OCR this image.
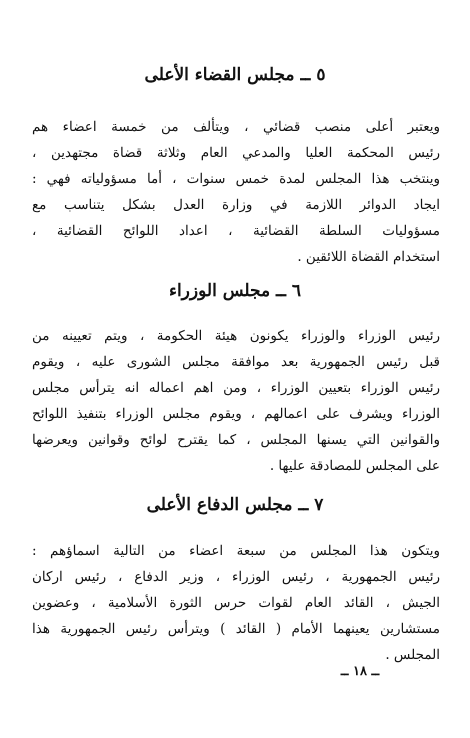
٥ ــ مجلس القضاء الأعلى
ويعتبر أعلى منصب قضائي ، ويتألف من خمسة اعضاء هم
رئيس المحكمة العليا والمدعي العام وثلاثة قضاة مجتهدين ،
وينتخب هذا المجلس لمدة خمس سنوات ، أما مسؤولياته فهي :
ايجاد الدوائر اللازمة في وزارة العدل بشكل يتناسب مع
مسؤوليات السلطة القضائية ، اعداد اللوائح القضائية ،
استخدام القضاة اللائقين .
٦ ــ مجلس الوزراء
رئيس الوزراء والوزراء يكونون هيئة الحكومة ، ويتم تعيينه من
قبل رئيس الجمهورية بعد موافقة مجلس الشورى عليه ، ويقوم
رئيس الوزراء بتعيين الوزراء ، ومن اهم اعماله انه يترأس مجلس
الوزراء ويشرف على اعمالهم ، ويقوم مجلس الوزراء بتنفيذ اللوائح
والقوانين التي يسنها المجلس ، كما يقترح لوائح وقوانين ويعرضها
على المجلس للمصادقة عليها .
٧ ــ مجلس الدفاع الأعلى
ويتكون هذا المجلس من سبعة اعضاء من التالية اسماؤهم :
رئيس الجمهورية ، رئيس الوزراء ، وزير الدفاع ، رئيس اركان
الجيش ، القائد العام لقوات حرس الثورة الأسلامية ، وعضوين
مستشارين يعينهما الأمام ( القائد ) ويترأس رئيس الجمهورية هذا
المجلس .
ــ ١٨ ــ
